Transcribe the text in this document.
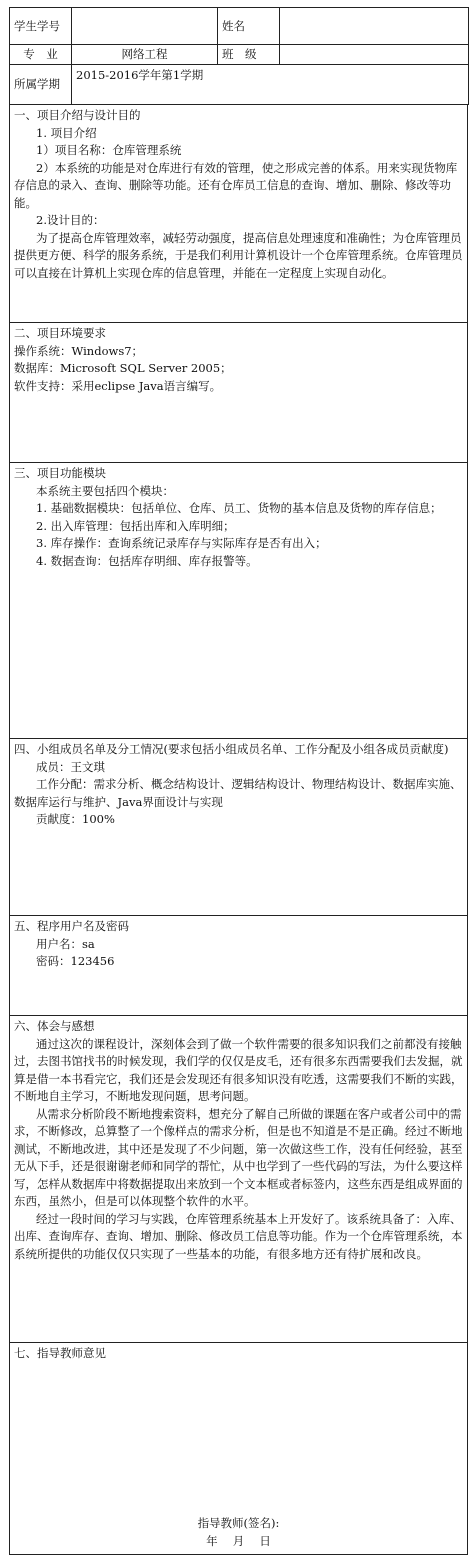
学生学号		姓名	
专　业	网络工程	班　级	
所属学期	2015-2016学年第1学期		

一、项目介绍与设计目的

1. 项目介绍

1）项目名称：仓库管理系统

2）本系统的功能是对仓库进行有效的管理，使之形成完善的体系。用来实现货物库存信息的录入、查询、删除等功能。还有仓库员工信息的查询、增加、删除、修改等功能。

2.设计目的：

为了提高仓库管理效率，减轻劳动强度，提高信息处理速度和准确性；为仓库管理员提供更方便、科学的服务系统，于是我们利用计算机设计一个仓库管理系统。仓库管理员可以直接在计算机上实现仓库的信息管理，并能在一定程度上实现自动化。

二、项目环境要求

操作系统：Windows7；

数据库：Microsoft SQL Server 2005；

软件支持：采用eclipse Java语言编写。

三、项目功能模块

本系统主要包括四个模块：

1. 基础数据模块：包括单位、仓库、员工、货物的基本信息及货物的库存信息；

2. 出入库管理：包括出库和入库明细；

3. 库存操作：查询系统记录库存与实际库存是否有出入；

4. 数据查询：包括库存明细、库存报警等。

四、小组成员名单及分工情况(要求包括小组成员名单、工作分配及小组各成员贡献度)

成员：王文琪

工作分配：需求分析、概念结构设计、逻辑结构设计、物理结构设计、数据库实施、数据库运行与维护、Java界面设计与实现

贡献度：100%

五、程序用户名及密码

用户名：sa

密码：123456

六、体会与感想

通过这次的课程设计，深刻体会到了做一个软件需要的很多知识我们之前都没有接触过，去图书馆找书的时候发现，我们学的仅仅是皮毛，还有很多东西需要我们去发掘，就算是借一本书看完它，我们还是会发现还有很多知识没有吃透，这需要我们不断的实践，不断地自主学习，不断地发现问题，思考问题。

从需求分析阶段不断地搜索资料，想充分了解自己所做的课题在客户或者公司中的需求，不断修改，总算整了一个像样点的需求分析，但是也不知道是不是正确。经过不断地测试，不断地改进，其中还是发现了不少问题，第一次做这些工作，没有任何经验，甚至无从下手，还是很谢谢老师和同学的帮忙，从中也学到了一些代码的写法，为什么要这样写，怎样从数据库中将数据提取出来放到一个文本框或者标签内，这些东西是组成界面的东西，虽然小，但是可以体现整个软件的水平。

经过一段时间的学习与实践，仓库管理系统基本上开发好了。该系统具备了：入库、出库、查询库存、查询、增加、删除、修改员工信息等功能。作为一个仓库管理系统，本系统所提供的功能仅仅只实现了一些基本的功能，有很多地方还有待扩展和改良。

七、指导教师意见

指导教师(签名):
年　 月　 日
